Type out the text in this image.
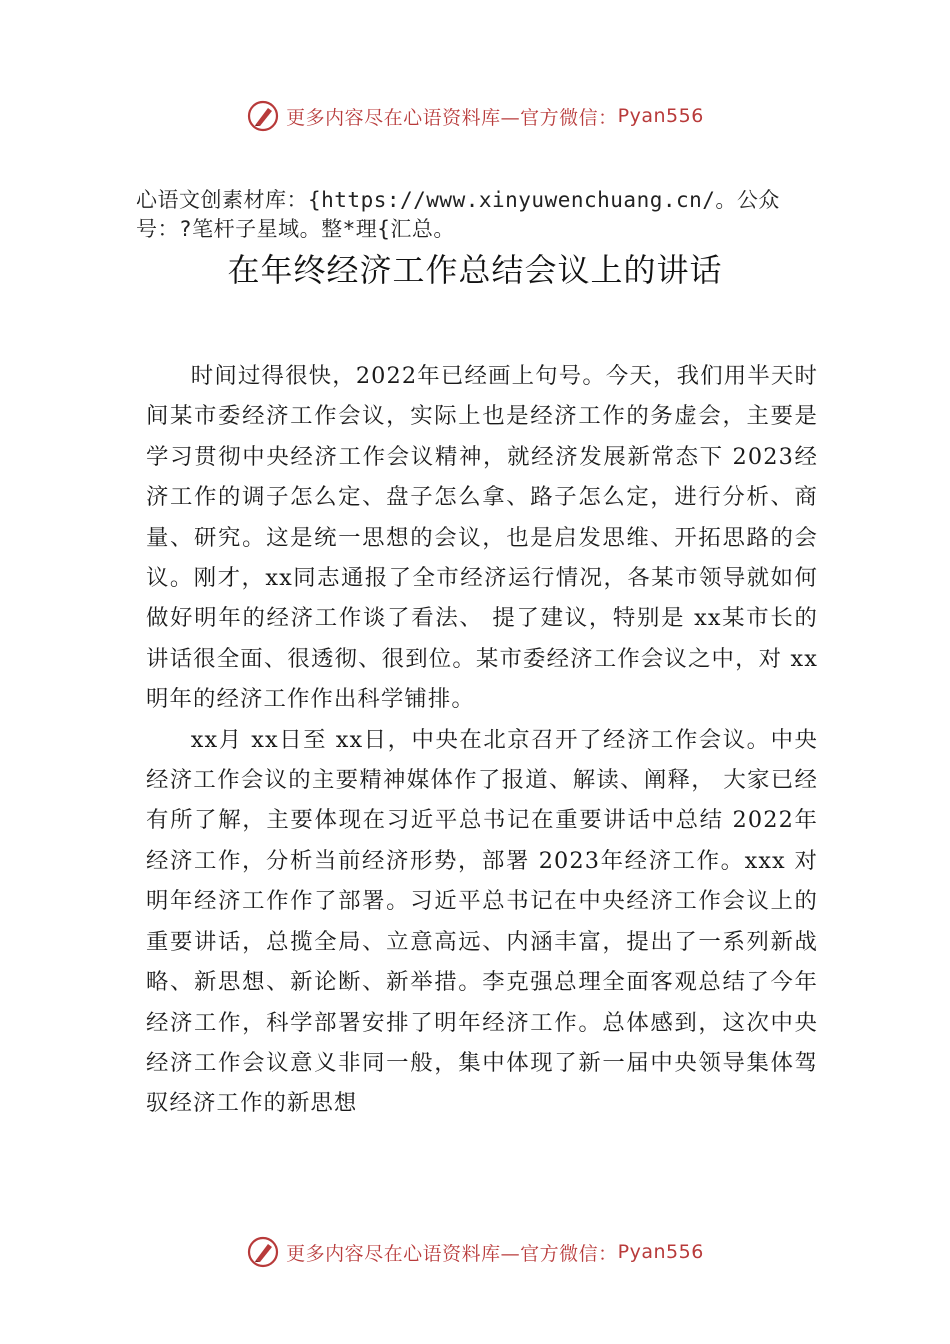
更多内容尽在心语资料库—官方微信： Pyan556
心语文创素材库：{https://www.xinyuwenchuang.cn/。公众号：?笔杆子星域。整*理{汇总。
在年终经济工作总结会议上的讲话

时间过得很快，2022年已经画上句号。今天，我们用半天时间某市委经济工作会议，实际上也是经济工作的务虚会，主要是学习贯彻中央经济工作会议精神，就经济发展新常态下 2023经济工作的调子怎么定、盘子怎么拿、路子怎么定，进行分析、商量、研究。这是统一思想的会议，也是启发思维、开拓思路的会议。刚才，xx同志通报了全市经济运行情况，各某市领导就如何做好明年的经济工作谈了看法、 提了建议，特别是 xx某市长的讲话很全面、很透彻、很到位。某市委经济工作会议之中，对 xx 明年的经济工作作出科学铺排。

xx月 xx日至 xx日，中央在北京召开了经济工作会议。中央经济工作会议的主要精神媒体作了报道、解读、阐释， 大家已经有所了解，主要体现在习近平总书记在重要讲话中总结 2022年经济工作，分析当前经济形势，部署 2023年经济工作。xxx 对明年经济工作作了部署。习近平总书记在中央经济工作会议上的重要讲话，总揽全局、立意高远、内涵丰富，提出了一系列新战略、新思想、新论断、新举措。李克强总理全面客观总结了今年经济工作，科学部署安排了明年经济工作。总体感到，这次中央经济工作会议意义非同一般，集中体现了新一届中央领导集体驾驭经济工作的新思想

更多内容尽在心语资料库—官方微信： Pyan556
